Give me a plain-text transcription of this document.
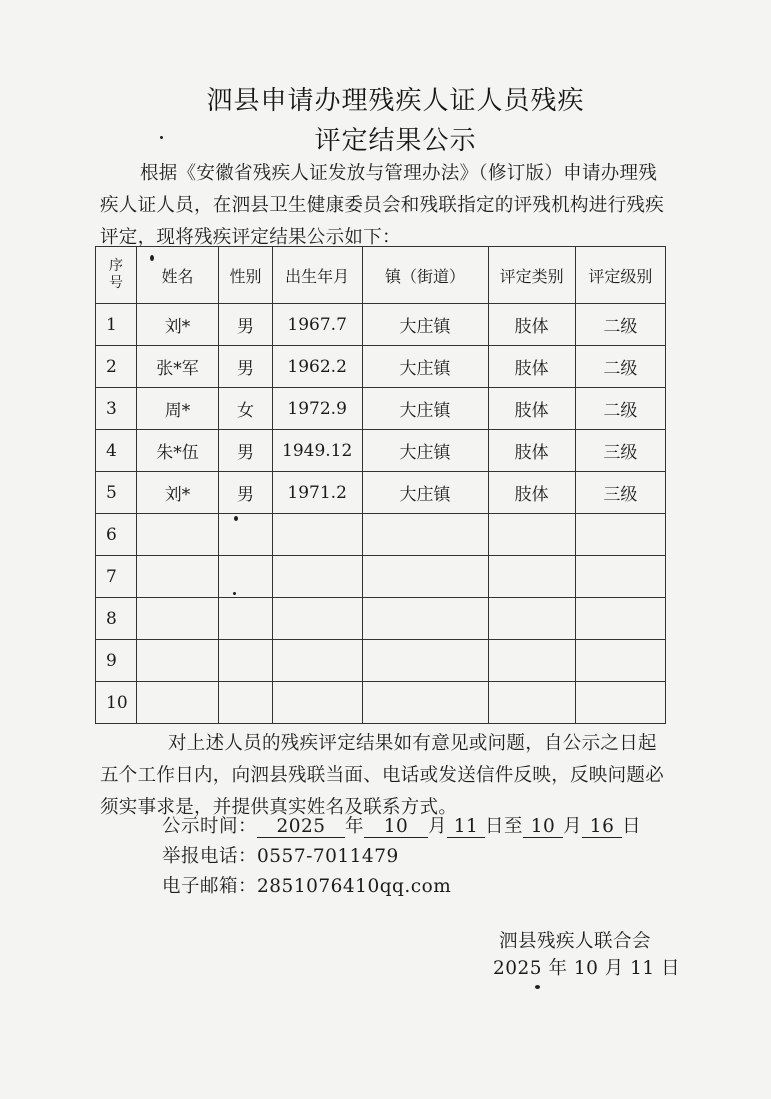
泗县申请办理残疾人证人员残疾
评定结果公示
根据《安徽省残疾人证发放与管理办法》（修订版）申请办理残疾人证人员，在泗县卫生健康委员会和残联指定的评残机构进行残疾评定，现将残疾评定结果公示如下：
序
号	姓名	性别	出生年月	镇（街道）	评定类别	评定级别
1	刘*	男	1967.7	大庄镇	肢体	二级
2	张*军	男	1962.2	大庄镇	肢体	二级
3	周*	女	1972.9	大庄镇	肢体	二级
4	朱*伍	男	1949.12	大庄镇	肢体	三级
5	刘*	男	1971.2	大庄镇	肢体	三级
6						
7						
8						
9						
10						
对上述人员的残疾评定结果如有意见或问题，自公示之日起五个工作日内，向泗县残联当面、电话或发送信件反映，反映问题必须实事求是，并提供真实姓名及联系方式。
公示时间： 2025 年 10 月 11 日至 10 月 16 日
举报电话：0557-7011479
电子邮箱：2851076410qq.com
泗县残疾人联合会
2025 年 10 月 11 日
